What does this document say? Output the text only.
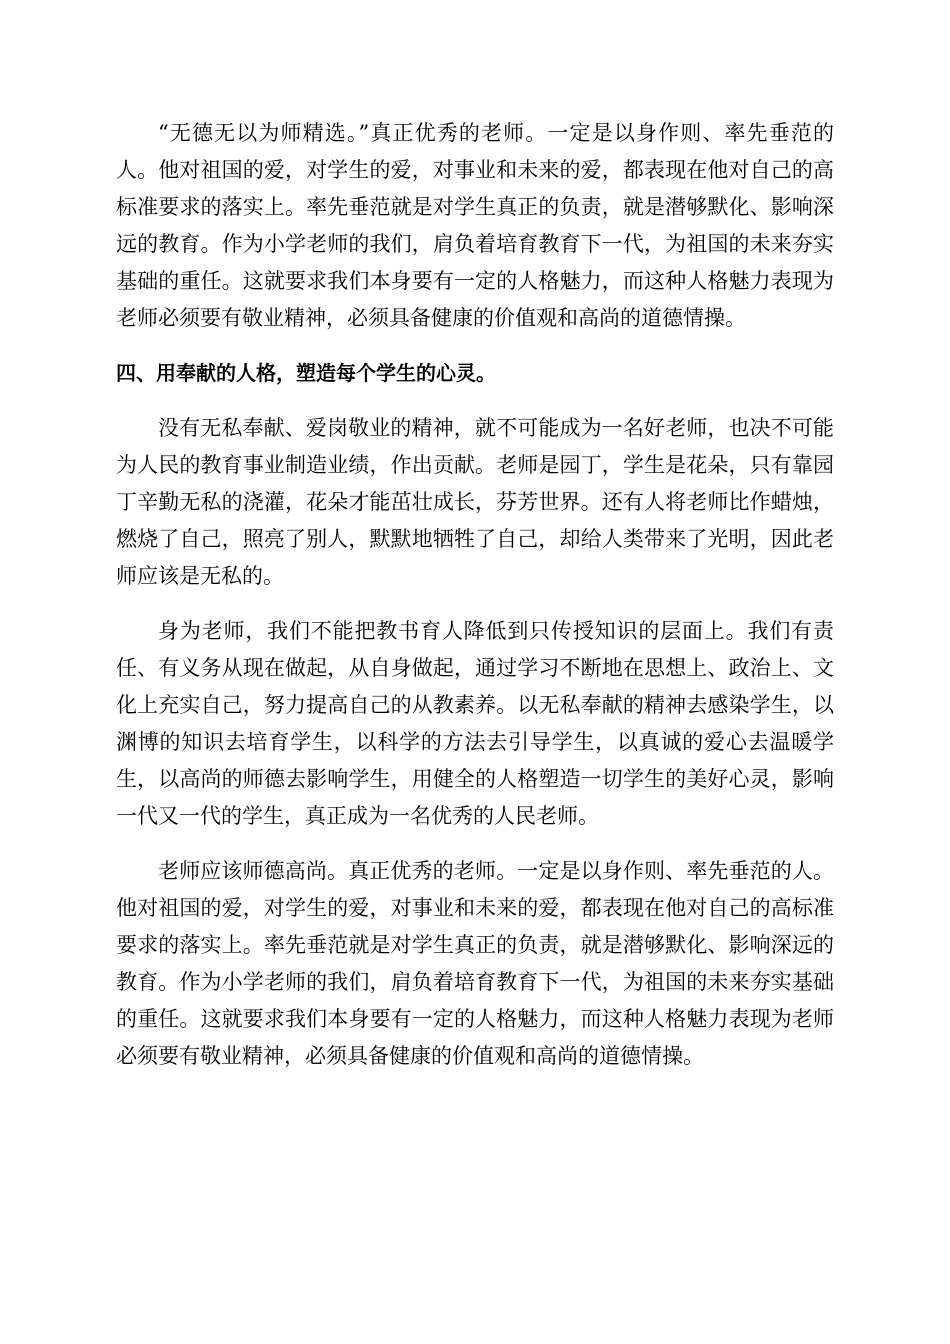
“无德无以为师精选。”真正优秀的老师。一定是以身作则、率先垂范的人。他对祖国的爱，对学生的爱，对事业和未来的爱，都表现在他对自己的高标准要求的落实上。率先垂范就是对学生真正的负责，就是潜够默化、影响深远的教育。作为小学老师的我们，肩负着培育教育下一代，为祖国的未来夯实基础的重任。这就要求我们本身要有一定的人格魅力，而这种人格魅力表现为老师必须要有敬业精神，必须具备健康的价值观和高尚的道德情操。

四、用奉献的人格，塑造每个学生的心灵。

没有无私奉献、爱岗敬业的精神，就不可能成为一名好老师，也决不可能为人民的教育事业制造业绩，作出贡献。老师是园丁，学生是花朵，只有靠园丁辛勤无私的浇灌，花朵才能茁壮成长，芬芳世界。还有人将老师比作蜡烛，燃烧了自己，照亮了别人，默默地牺牲了自己，却给人类带来了光明，因此老师应该是无私的。

身为老师，我们不能把教书育人降低到只传授知识的层面上。我们有责任、有义务从现在做起，从自身做起，通过学习不断地在思想上、政治上、文化上充实自己，努力提高自己的从教素养。以无私奉献的精神去感染学生，以渊博的知识去培育学生，以科学的方法去引导学生，以真诚的爱心去温暖学生，以高尚的师德去影响学生，用健全的人格塑造一切学生的美好心灵，影响一代又一代的学生，真正成为一名优秀的人民老师。

老师应该师德高尚。真正优秀的老师。一定是以身作则、率先垂范的人。他对祖国的爱，对学生的爱，对事业和未来的爱，都表现在他对自己的高标准要求的落实上。率先垂范就是对学生真正的负责，就是潜够默化、影响深远的教育。作为小学老师的我们，肩负着培育教育下一代，为祖国的未来夯实基础的重任。这就要求我们本身要有一定的人格魅力，而这种人格魅力表现为老师必须要有敬业精神，必须具备健康的价值观和高尚的道德情操。
